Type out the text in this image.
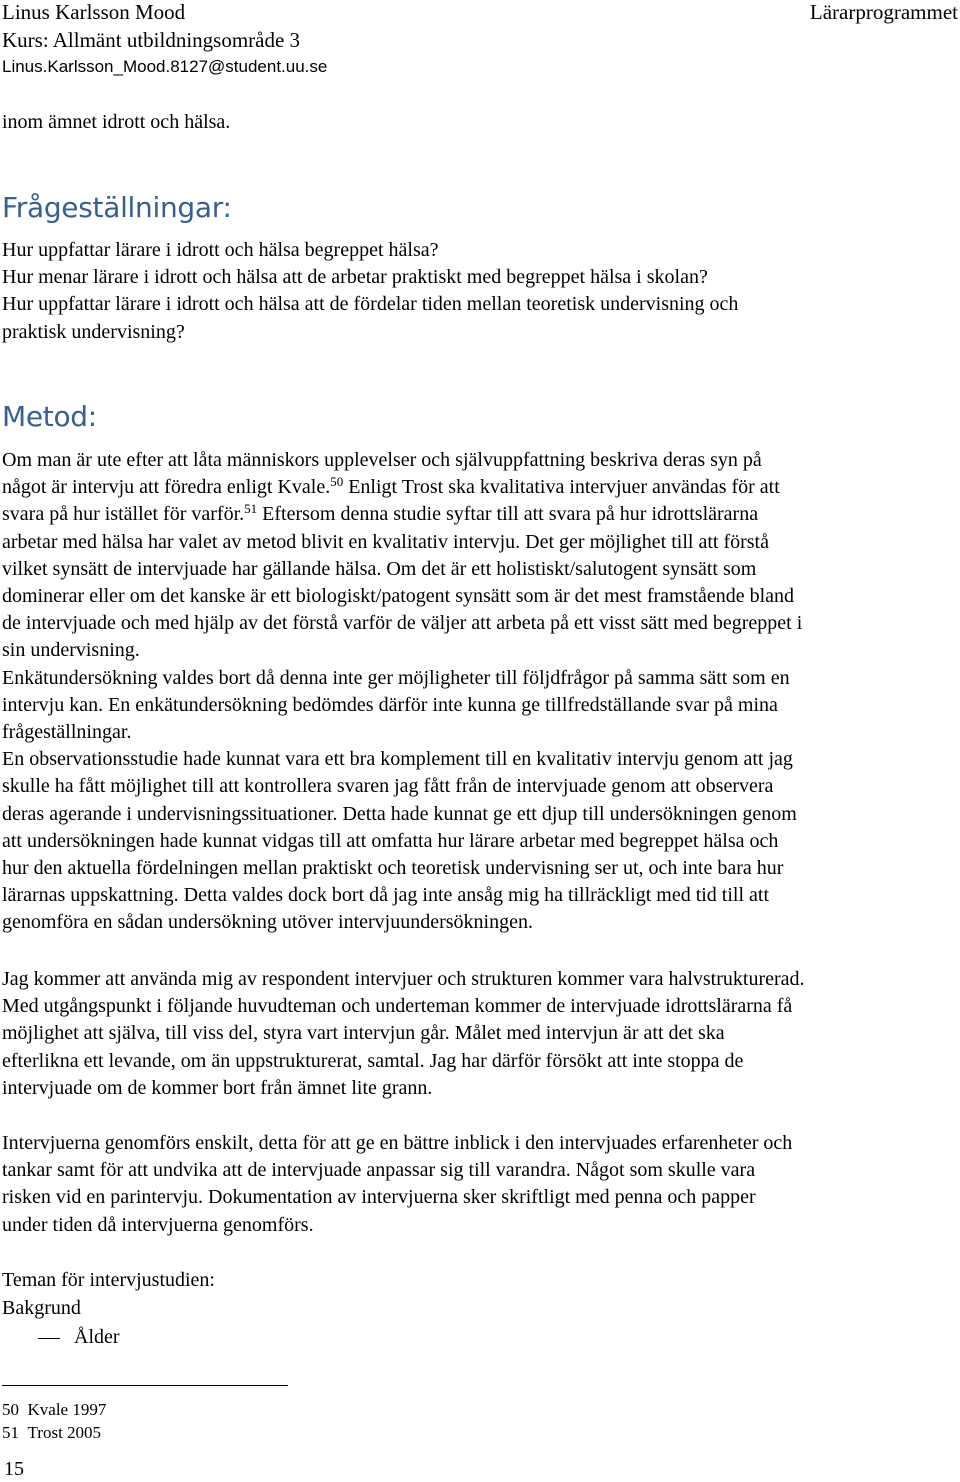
Linus Karlsson Mood	Lärarprogrammet
Kurs: Allmänt utbildningsområde 3
Linus.Karlsson_Mood.8127@student.uu.se
inom ämnet idrott och hälsa.
Frågeställningar:

Hur uppfattar lärare i idrott och hälsa begreppet hälsa?

Hur menar lärare i idrott och hälsa att de arbetar praktiskt med begreppet hälsa i skolan?

Hur uppfattar lärare i idrott och hälsa att de fördelar tiden mellan teoretisk undervisning och

praktisk undervisning?

Metod:

Om man är ute efter att låta människors upplevelser och självuppfattning beskriva deras syn på

något är intervju att föredra enligt Kvale.$^{50}$ Enligt Trost ska kvalitativa intervjuer användas för att

svara på hur istället för varför.$^{51}$ Eftersom denna studie syftar till att svara på hur idrottslärarna

arbetar med hälsa har valet av metod blivit en kvalitativ intervju. Det ger möjlighet till att förstå

vilket synsätt de intervjuade har gällande hälsa. Om det är ett holistiskt/salutogent synsätt som

dominerar eller om det kanske är ett biologiskt/patogent synsätt som är det mest framstående bland

de intervjuade och med hjälp av det förstå varför de väljer att arbeta på ett visst sätt med begreppet i

sin undervisning.

Enkätundersökning valdes bort då denna inte ger möjligheter till följdfrågor på samma sätt som en

intervju kan. En enkätundersökning bedömdes därför inte kunna ge tillfredställande svar på mina

frågeställningar.

En observationsstudie hade kunnat vara ett bra komplement till en kvalitativ intervju genom att jag

skulle ha fått möjlighet till att kontrollera svaren jag fått från de intervjuade genom att observera

deras agerande i undervisningssituationer. Detta hade kunnat ge ett djup till undersökningen genom

att undersökningen hade kunnat vidgas till att omfatta hur lärare arbetar med begreppet hälsa och

hur den aktuella fördelningen mellan praktiskt och teoretisk undervisning ser ut, och inte bara hur

lärarnas uppskattning. Detta valdes dock bort då jag inte ansåg mig ha tillräckligt med tid till att

genomföra en sådan undersökning utöver intervjuundersökningen.

Jag kommer att använda mig av respondent intervjuer och strukturen kommer vara halvstrukturerad.

Med utgångspunkt i följande huvudteman och underteman kommer de intervjuade idrottslärarna få

möjlighet att själva, till viss del, styra vart intervjun går. Målet med intervjun är att det ska

efterlikna ett levande, om än uppstrukturerat, samtal. Jag har därför försökt att inte stoppa de

intervjuade om de kommer bort från ämnet lite grann.

Intervjuerna genomförs enskilt, detta för att ge en bättre inblick i den intervjuades erfarenheter och

tankar samt för att undvika att de intervjuade anpassar sig till varandra. Något som skulle vara

risken vid en parintervju. Dokumentation av intervjuerna sker skriftligt med penna och papper

under tiden då intervjuerna genomförs.

Teman för intervjustudien:
Bakgrund
Ålder
50 Kvale 1997
51 Trost 2005
15
